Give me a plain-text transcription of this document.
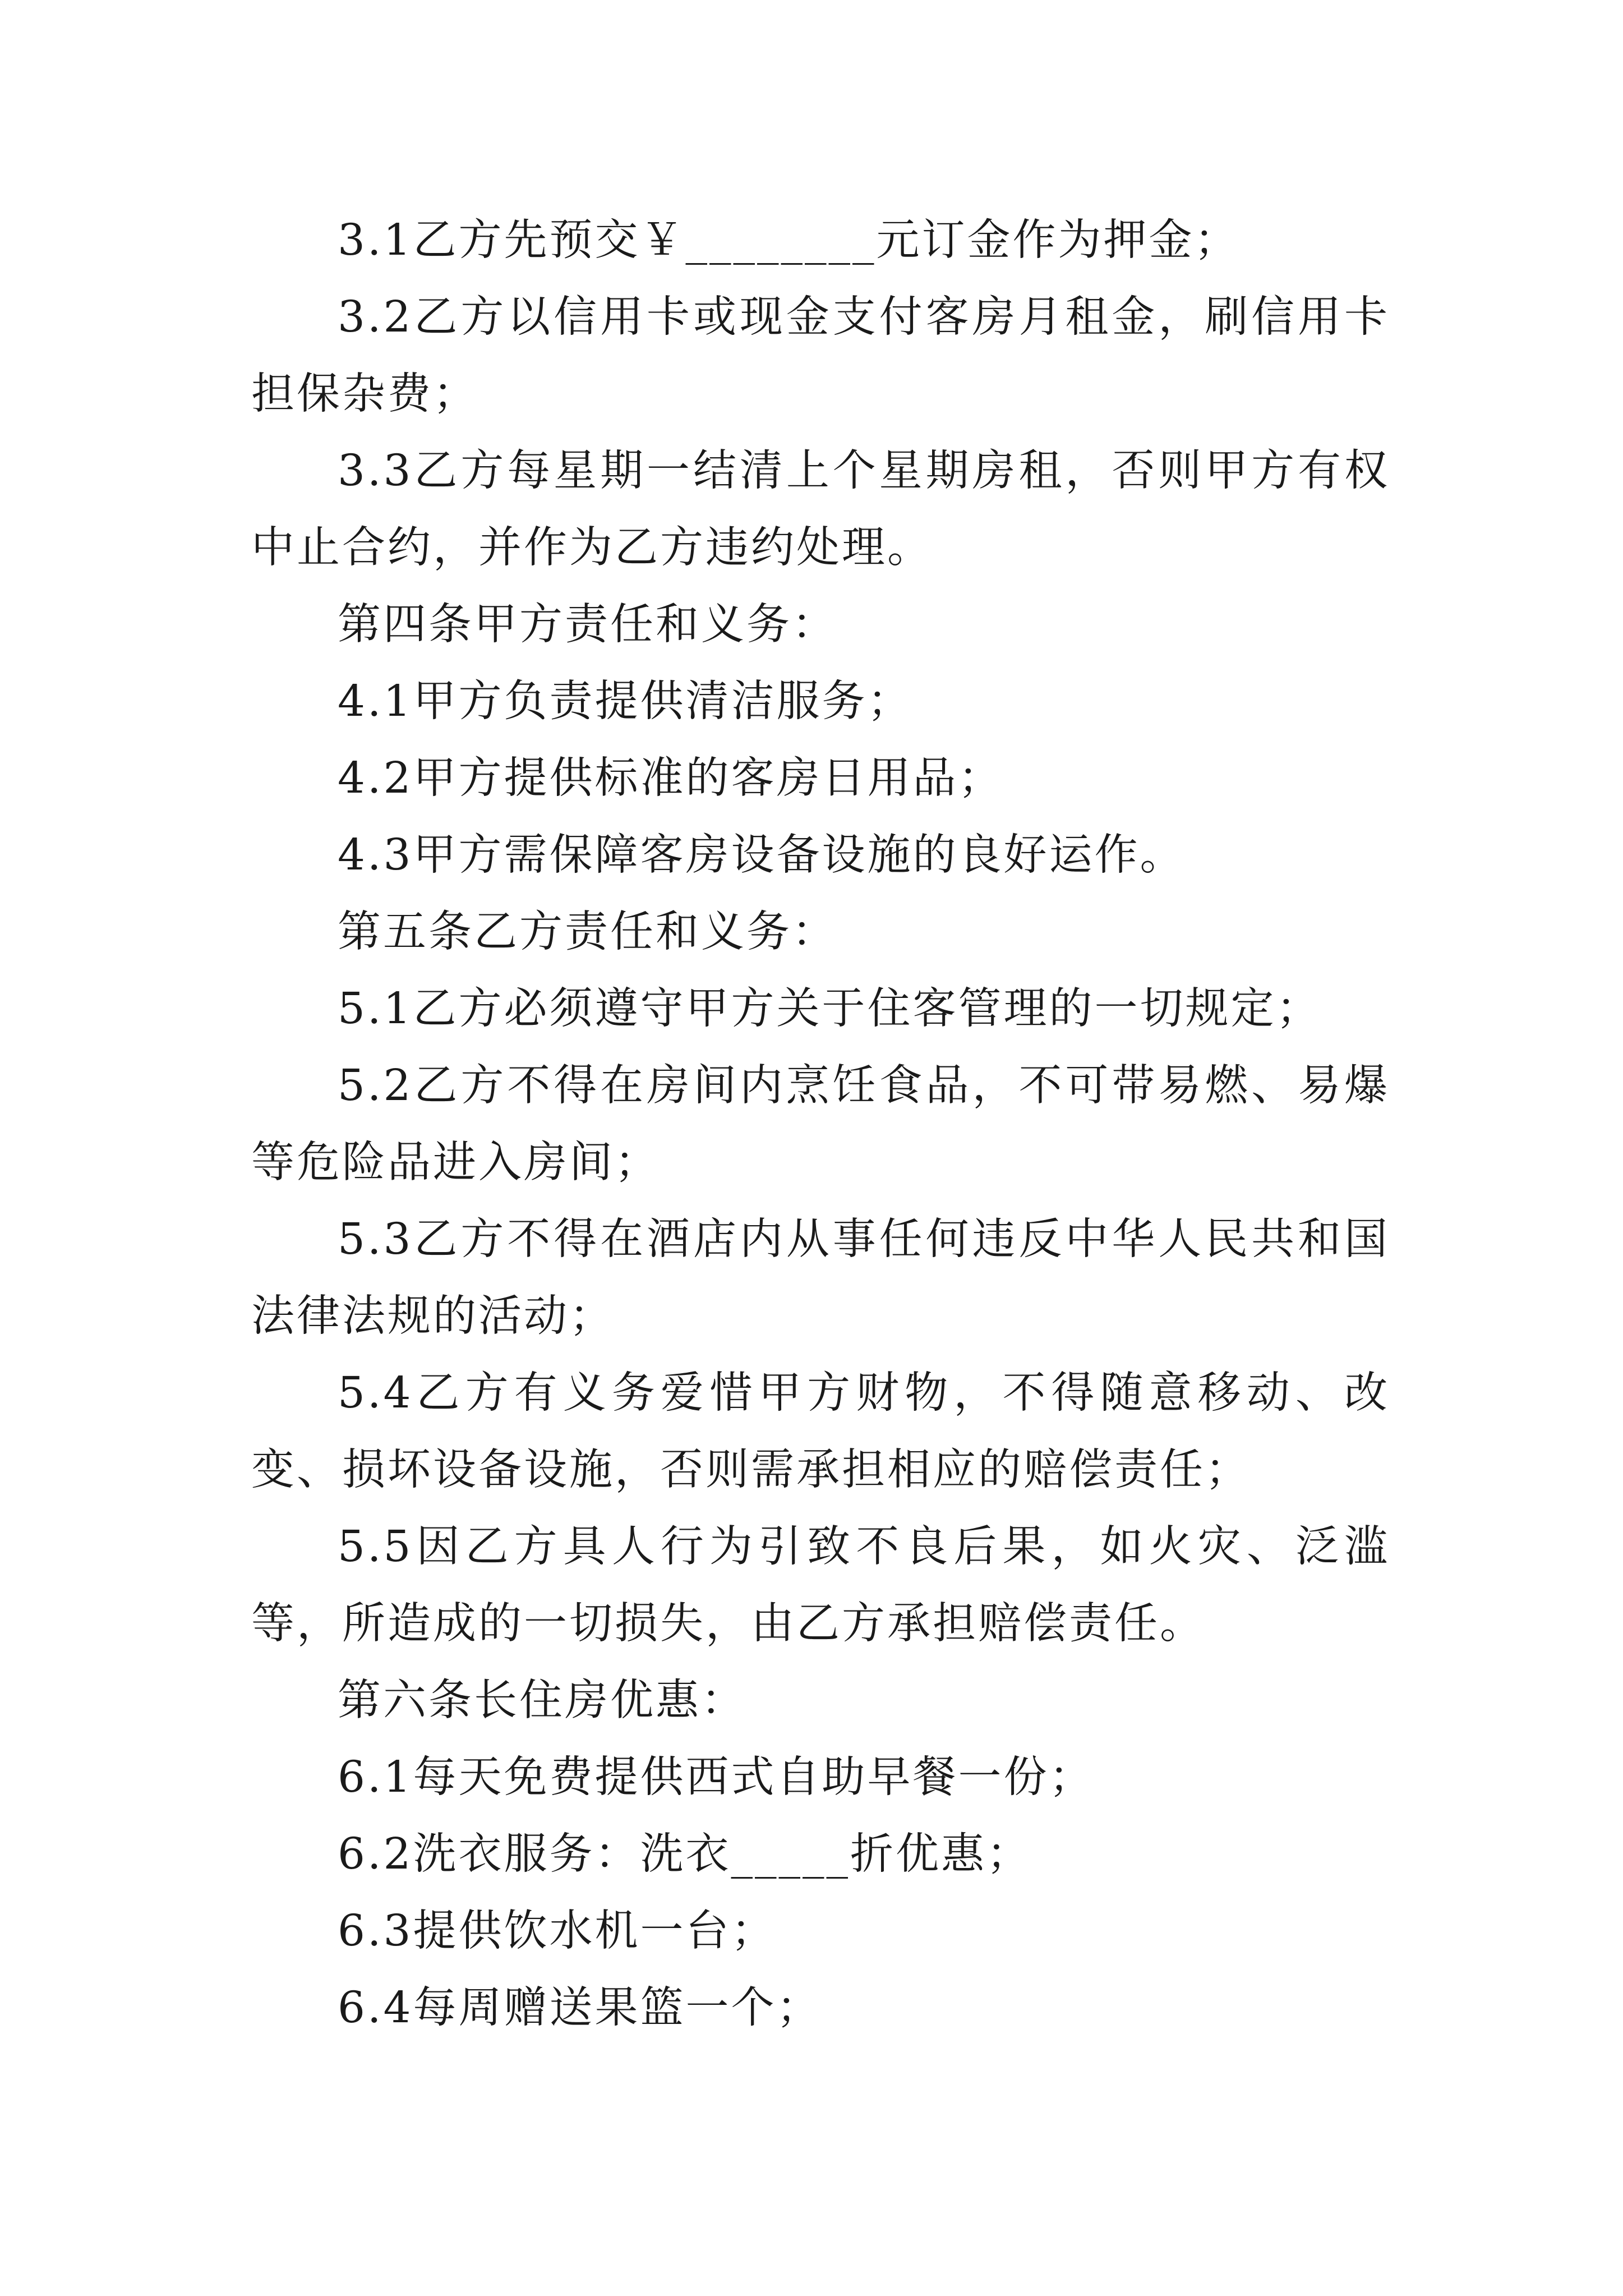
3.1乙方先预交￥________元订金作为押金；

3.2乙方以信用卡或现金支付客房月租金，刷信用卡担保杂费；

3.3乙方每星期一结清上个星期房租，否则甲方有权中止合约，并作为乙方违约处理。

第四条甲方责任和义务：

4.1甲方负责提供清洁服务；

4.2甲方提供标准的客房日用品；

4.3甲方需保障客房设备设施的良好运作。

第五条乙方责任和义务：

5.1乙方必须遵守甲方关于住客管理的一切规定；

5.2乙方不得在房间内烹饪食品，不可带易燃、易爆等危险品进入房间；

5.3乙方不得在酒店内从事任何违反中华人民共和国法律法规的活动；

5.4乙方有义务爱惜甲方财物，不得随意移动、改变、损坏设备设施，否则需承担相应的赔偿责任；

5.5因乙方具人行为引致不良后果，如火灾、泛滥等，所造成的一切损失，由乙方承担赔偿责任。

第六条长住房优惠：

6.1每天免费提供西式自助早餐一份；

6.2洗衣服务：洗衣_____折优惠；

6.3提供饮水机一台；

6.4每周赠送果篮一个；
